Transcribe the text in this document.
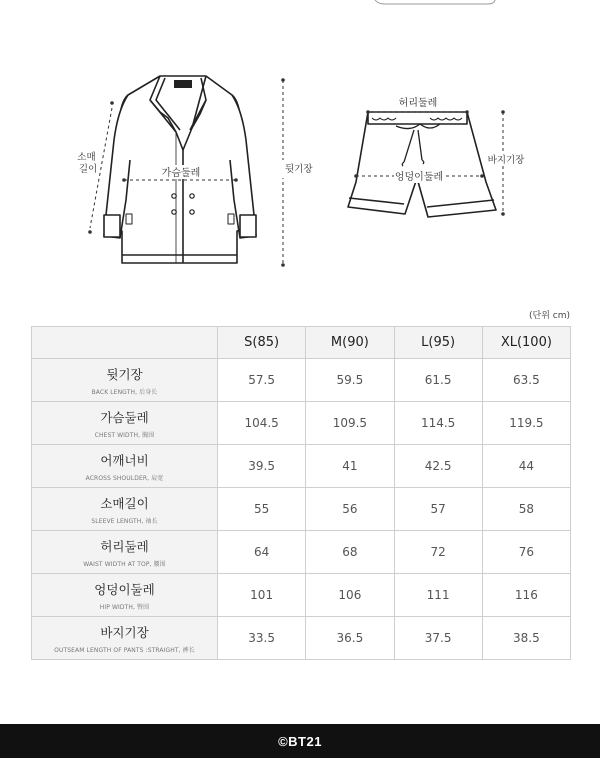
가슴둘레	뒷기장
소매 길이
허리둘레
엉덩이둘레
바지기장
(단위 cm)
	S(85)	M(90)	L(95)	XL(100)

뒷기장
BACK LENGTH, 后身长	57.5	59.5	61.5	63.5

가슴둘레
CHEST WIDTH, 胸围	104.5	109.5	114.5	119.5

어깨너비
ACROSS SHOULDER, 肩宽	39.5	41	42.5	44

소매길이
SLEEVE LENGTH, 袖长	55	56	57	58

허리둘레
WAIST WIDTH AT TOP, 腰围	64	68	72	76

엉덩이둘레
HIP WIDTH, 臀围	101	106	111	116

바지기장
OUTSEAM LENGTH OF PANTS :STRAIGHT, 裤长	33.5	36.5	37.5	38.5
©BT21
